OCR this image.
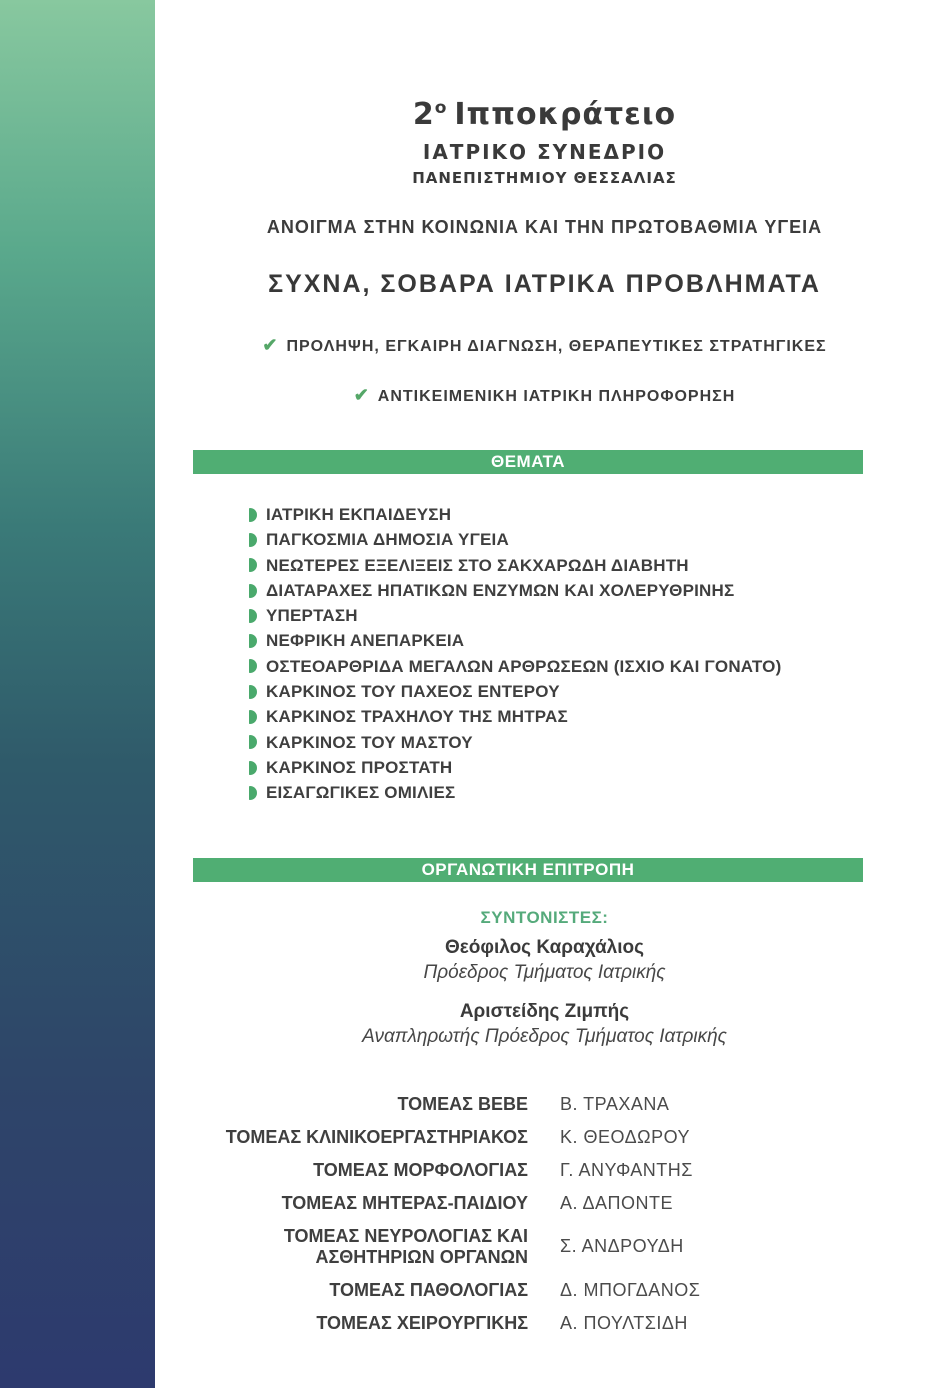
$2^o$ Ιπποκράτειο
ΙΑΤΡΙΚΟ ΣΥΝΕΔΡΙΟ
ΠΑΝΕΠΙΣΤΗΜΙΟΥ ΘΕΣΣΑΛΙΑΣ
ΑΝΟΙΓΜΑ ΣΤΗΝ ΚΟΙΝΩΝΙΑ ΚΑΙ ΤΗΝ ΠΡΩΤΟΒΑΘΜΙΑ ΥΓΕΙΑ
ΣΥΧΝΑ, ΣΟΒΑΡΑ ΙΑΤΡΙΚΑ ΠΡΟΒΛΗΜΑΤΑ
✔ ΠΡΟΛΗΨΗ, ΕΓΚΑΙΡΗ ΔΙΑΓΝΩΣΗ, ΘΕΡΑΠΕΥΤΙΚΕΣ ΣΤΡΑΤΗΓΙΚΕΣ
✔ ΑΝΤΙΚΕΙΜΕΝΙΚΗ ΙΑΤΡΙΚΗ ΠΛΗΡΟΦΟΡΗΣΗ
ΘΕΜΑΤΑ
ΙΑΤΡΙΚΗ ΕΚΠΑΙΔΕΥΣΗ
ΠΑΓΚΟΣΜΙΑ ΔΗΜΟΣΙΑ ΥΓΕΙΑ
ΝΕΩΤΕΡΕΣ ΕΞΕΛΙΞΕΙΣ ΣΤΟ ΣΑΚΧΑΡΩΔΗ ΔΙΑΒΗΤΗ
ΔΙΑΤΑΡΑΧΕΣ ΗΠΑΤΙΚΩΝ ΕΝΖΥΜΩΝ ΚΑΙ ΧΟΛΕΡΥΘΡΙΝΗΣ
ΥΠΕΡΤΑΣΗ
ΝΕΦΡΙΚΗ ΑΝΕΠΑΡΚΕΙΑ
ΟΣΤΕΟΑΡΘΡΙΔΑ ΜΕΓΑΛΩΝ ΑΡΘΡΩΣΕΩΝ (ΙΣΧΙΟ ΚΑΙ ΓΟΝΑΤΟ)
ΚΑΡΚΙΝΟΣ ΤΟΥ ΠΑΧΕΟΣ ΕΝΤΕΡΟΥ
ΚΑΡΚΙΝΟΣ ΤΡΑΧΗΛΟΥ ΤΗΣ ΜΗΤΡΑΣ
ΚΑΡΚΙΝΟΣ ΤΟΥ ΜΑΣΤΟΥ
ΚΑΡΚΙΝΟΣ ΠΡΟΣΤΑΤΗ
ΕΙΣΑΓΩΓΙΚΕΣ ΟΜΙΛΙΕΣ
ΟΡΓΑΝΩΤΙΚΗ ΕΠΙΤΡΟΠΗ
ΣΥΝΤΟΝΙΣΤΕΣ:
Θεόφιλος Καραχάλιος
Πρόεδρος Τμήματος Ιατρικής
Αριστείδης Ζιμπής
Αναπληρωτής Πρόεδρος Τμήματος Ιατρικής
ΤΟΜΕΑΣ ΒΕΒΕ Β. ΤΡΑΧΑΝΑ
ΤΟΜΕΑΣ ΚΛΙΝΙΚΟΕΡΓΑΣΤΗΡΙΑΚΟΣ Κ. ΘΕΟΔΩΡΟΥ
ΤΟΜΕΑΣ ΜΟΡΦΟΛΟΓΙΑΣ Γ. ΑΝΥΦΑΝΤΗΣ
ΤΟΜΕΑΣ ΜΗΤΕΡΑΣ-ΠΑΙΔΙΟΥ Α. ΔΑΠΟΝΤΕ
ΤΟΜΕΑΣ ΝΕΥΡΟΛΟΓΙΑΣ ΚΑΙ ΑΣΘΗΤΗΡΙΩΝ ΟΡΓΑΝΩΝ
Σ. ΑΝΔΡΟΥΔΗ
ΤΟΜΕΑΣ ΠΑΘΟΛΟΓΙΑΣ Δ. ΜΠΟΓΔΑΝΟΣ
ΤΟΜΕΑΣ ΧΕΙΡΟΥΡΓΙΚΗΣ Α. ΠΟΥΛΤΣΙΔΗ
